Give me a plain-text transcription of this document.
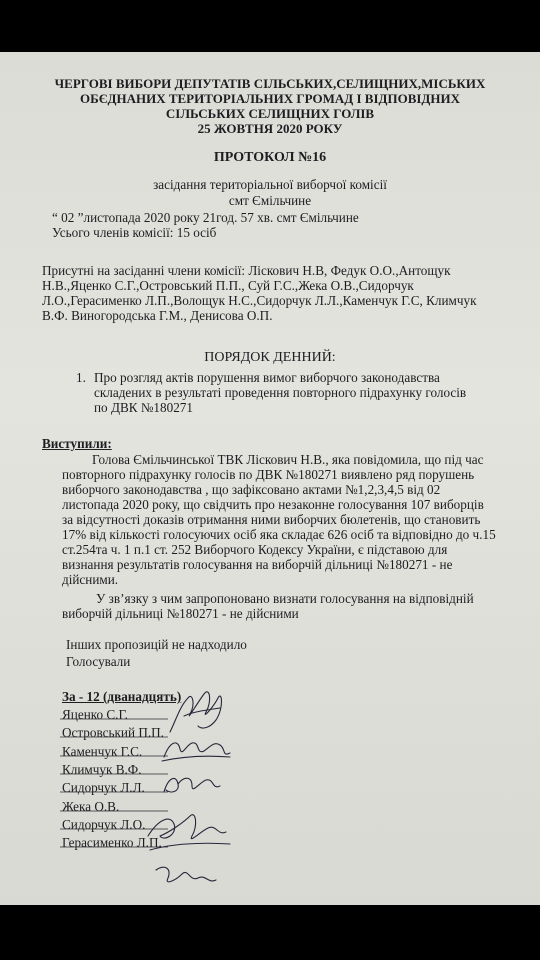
ЧЕРГОВІ ВИБОРИ ДЕПУТАТІВ СІЛЬСЬКИХ,СЕЛИЩНИХ,МІСЬКИХ
ОБЄДНАНИХ ТЕРИТОРІАЛЬНИХ ГРОМАД І ВІДПОВІДНИХ
СІЛЬСЬКИХ СЕЛИЩНИХ ГОЛІВ
25 ЖОВТНЯ 2020 РОКУ
ПРОТОКОЛ №16
засідання територіальної виборчої комісії
смт Ємільчине
“ 02 ”листопада 2020 року 21год. 57 хв. смт Ємільчине
Усього членів комісії: 15 осіб
Присутні на засіданні члени комісії: Ліскович Н.В, Федук О.О.,Антощук
Н.В.,Яценко С.Г.,Островський П.П., Суй Г.С.,Жека О.В.,Сидорчук
Л.О.,Герасименко Л.П.,Волощук Н.С.,Сидорчук Л.Л.,Каменчук Г.С, Климчук
В.Ф. Виногородська Г.М., Денисова О.П.
ПОРЯДОК ДЕННИЙ:
1. Про розгляд актів порушення вимог виборчого законодавства
складених в результаті проведення повторного підрахунку голосів
по ДВК №180271
Виступили:
Голова Ємільчинської ТВК Ліскович Н.В., яка повідомила, що під час
повторного підрахунку голосів по ДВК №180271 виявлено ряд порушень
виборчого законодавства , що зафіксовано актами №1,2,3,4,5 від 02
листопада 2020 року, що свідчить про незаконне голосування 107 виборців
за відсутності доказів отримання ними виборчих бюлетенів, що становить
17% від кількості голосуючих осіб яка складає 626 осіб та відповідно до ч.15
ст.254та ч. 1 п.1 ст. 252 Виборчого Кодексу України, є підставою для
визнання результатів голосування на виборчій дільниці №180271 - не
дійсними.
У зв’язку з чим запропоновано визнати голосування на відповідній
виборчій дільниці №180271 - не дійсними
Інших пропозицій не надходило
Голосували
За - 12 (дванадцять)
Яценко С.Г.
Островський П.П.
Каменчук Г.С.
Климчук В.Ф.
Сидорчук Л.Л.
Жека О.В.
Сидорчук Л.О.
Герасименко Л.П.
